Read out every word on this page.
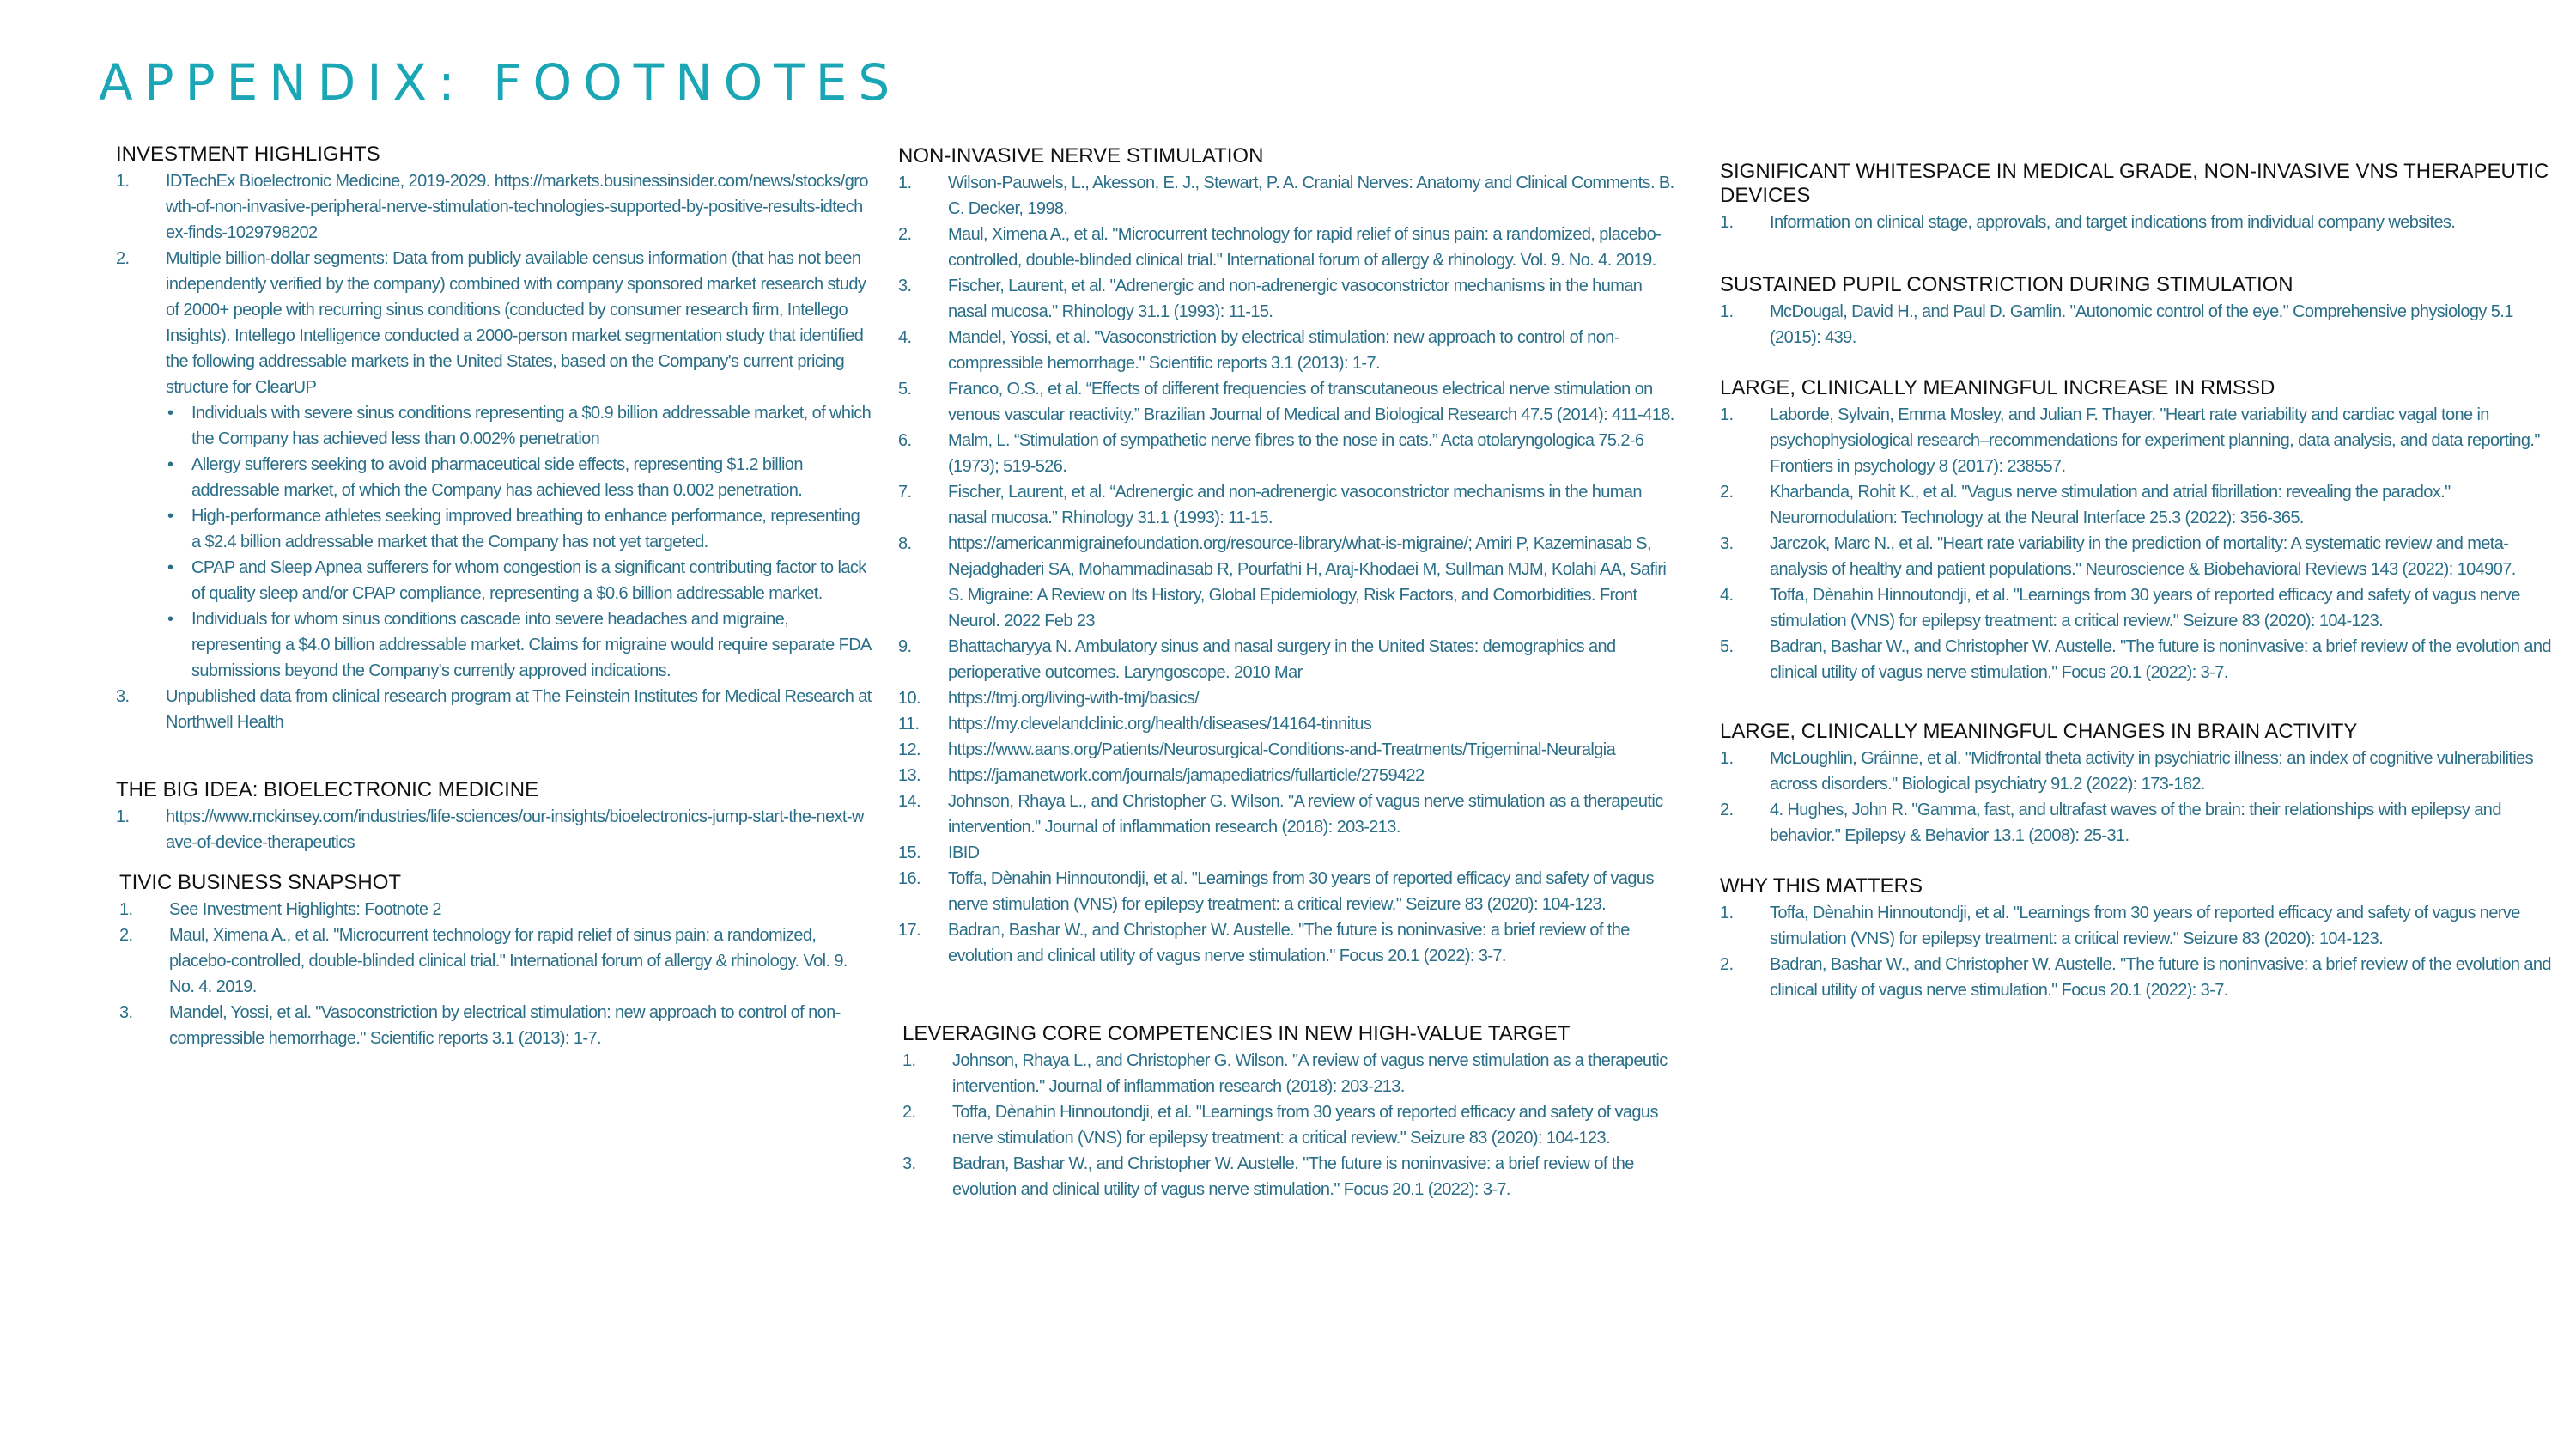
APPENDIX: FOOTNOTES
INVESTMENT HIGHLIGHTS
1. IDTechEx Bioelectronic Medicine, 2019-2029. https://markets.businessinsider.com/news/stocks/growth-of-non-invasive-peripheral-nerve-stimulation-technologies-supported-by-positive-results-idtechex-finds-1029798202
2. Multiple billion-dollar segments: Data from publicly available census information (that has not been independently verified by the company) combined with company sponsored market research study of 2000+ people with recurring sinus conditions (conducted by consumer research firm, Intellego Insights). Intellego Intelligence conducted a 2000-person market segmentation study that identified the following addressable markets in the United States, based on the Company's current pricing structure for ClearUP
• Individuals with severe sinus conditions representing a $0.9 billion addressable market, of which the Company has achieved less than 0.002% penetration
• Allergy sufferers seeking to avoid pharmaceutical side effects, representing $1.2 billion addressable market, of which the Company has achieved less than 0.002 penetration.
• High-performance athletes seeking improved breathing to enhance performance, representing a $2.4 billion addressable market that the Company has not yet targeted.
• CPAP and Sleep Apnea sufferers for whom congestion is a significant contributing factor to lack of quality sleep and/or CPAP compliance, representing a $0.6 billion addressable market.
• Individuals for whom sinus conditions cascade into severe headaches and migraine, representing a $4.0 billion addressable market. Claims for migraine would require separate FDA submissions beyond the Company's currently approved indications.
3. Unpublished data from clinical research program at The Feinstein Institutes for Medical Research at Northwell Health
THE BIG IDEA: BIOELECTRONIC MEDICINE
1. https://www.mckinsey.com/industries/life-sciences/our-insights/bioelectronics-jump-start-the-next-wave-of-device-therapeutics
TIVIC BUSINESS SNAPSHOT
1. See Investment Highlights: Footnote 2
2. Maul, Ximena A., et al. "Microcurrent technology for rapid relief of sinus pain: a randomized, placebo-controlled, double-blinded clinical trial." International forum of allergy & rhinology. Vol. 9. No. 4. 2019.
3. Mandel, Yossi, et al. "Vasoconstriction by electrical stimulation: new approach to control of non-compressible hemorrhage." Scientific reports 3.1 (2013): 1-7.
NON-INVASIVE NERVE STIMULATION
1. Wilson-Pauwels, L., Akesson, E. J., Stewart, P. A. Cranial Nerves: Anatomy and Clinical Comments. B. C. Decker, 1998.
2. Maul, Ximena A., et al. "Microcurrent technology for rapid relief of sinus pain: a randomized, placebo-controlled, double-blinded clinical trial." International forum of allergy & rhinology. Vol. 9. No. 4. 2019.
3. Fischer, Laurent, et al. "Adrenergic and non-adrenergic vasoconstrictor mechanisms in the human nasal mucosa." Rhinology 31.1 (1993): 11-15.
4. Mandel, Yossi, et al. "Vasoconstriction by electrical stimulation: new approach to control of non-compressible hemorrhage." Scientific reports 3.1 (2013): 1-7.
5. Franco, O.S., et al. “Effects of different frequencies of transcutaneous electrical nerve stimulation on venous vascular reactivity.” Brazilian Journal of Medical and Biological Research 47.5 (2014): 411-418.
6. Malm, L. “Stimulation of sympathetic nerve fibres to the nose in cats.” Acta otolaryngologica 75.2-6 (1973); 519-526.
7. Fischer, Laurent, et al. “Adrenergic and non-adrenergic vasoconstrictor mechanisms in the human nasal mucosa.” Rhinology 31.1 (1993): 11-15.
8. https://americanmigrainefoundation.org/resource-library/what-is-migraine/; Amiri P, Kazeminasab S, Nejadghaderi SA, Mohammadinasab R, Pourfathi H, Araj-Khodaei M, Sullman MJM, Kolahi AA, Safiri S. Migraine: A Review on Its History, Global Epidemiology, Risk Factors, and Comorbidities. Front Neurol. 2022 Feb 23
9. Bhattacharyya N. Ambulatory sinus and nasal surgery in the United States: demographics and perioperative outcomes. Laryngoscope. 2010 Mar
10. https://tmj.org/living-with-tmj/basics/
11. https://my.clevelandclinic.org/health/diseases/14164-tinnitus
12. https://www.aans.org/Patients/Neurosurgical-Conditions-and-Treatments/Trigeminal-Neuralgia
13. https://jamanetwork.com/journals/jamapediatrics/fullarticle/2759422
14. Johnson, Rhaya L., and Christopher G. Wilson. "A review of vagus nerve stimulation as a therapeutic intervention." Journal of inflammation research (2018): 203-213.
15. IBID
16. Toffa, Dènahin Hinnoutondji, et al. "Learnings from 30 years of reported efficacy and safety of vagus nerve stimulation (VNS) for epilepsy treatment: a critical review." Seizure 83 (2020): 104-123.
17. Badran, Bashar W., and Christopher W. Austelle. "The future is noninvasive: a brief review of the evolution and clinical utility of vagus nerve stimulation." Focus 20.1 (2022): 3-7.
LEVERAGING CORE COMPETENCIES IN NEW HIGH-VALUE TARGET
1. Johnson, Rhaya L., and Christopher G. Wilson. "A review of vagus nerve stimulation as a therapeutic intervention." Journal of inflammation research (2018): 203-213.
2. Toffa, Dènahin Hinnoutondji, et al. "Learnings from 30 years of reported efficacy and safety of vagus nerve stimulation (VNS) for epilepsy treatment: a critical review." Seizure 83 (2020): 104-123.
3. Badran, Bashar W., and Christopher W. Austelle. "The future is noninvasive: a brief review of the evolution and clinical utility of vagus nerve stimulation." Focus 20.1 (2022): 3-7.
SIGNIFICANT WHITESPACE IN MEDICAL GRADE, NON-INVASIVE VNS THERAPEUTIC DEVICES
1. Information on clinical stage, approvals, and target indications from individual company websites.
SUSTAINED PUPIL CONSTRICTION DURING STIMULATION
1. McDougal, David H., and Paul D. Gamlin. "Autonomic control of the eye." Comprehensive physiology 5.1 (2015): 439.
LARGE, CLINICALLY MEANINGFUL INCREASE IN RMSSD
1. Laborde, Sylvain, Emma Mosley, and Julian F. Thayer. "Heart rate variability and cardiac vagal tone in psychophysiological research–recommendations for experiment planning, data analysis, and data reporting." Frontiers in psychology 8 (2017): 238557.
2. Kharbanda, Rohit K., et al. "Vagus nerve stimulation and atrial fibrillation: revealing the paradox." Neuromodulation: Technology at the Neural Interface 25.3 (2022): 356-365.
3. Jarczok, Marc N., et al. "Heart rate variability in the prediction of mortality: A systematic review and meta-analysis of healthy and patient populations." Neuroscience & Biobehavioral Reviews 143 (2022): 104907.
4. Toffa, Dènahin Hinnoutondji, et al. "Learnings from 30 years of reported efficacy and safety of vagus nerve stimulation (VNS) for epilepsy treatment: a critical review." Seizure 83 (2020): 104-123.
5. Badran, Bashar W., and Christopher W. Austelle. "The future is noninvasive: a brief review of the evolution and clinical utility of vagus nerve stimulation." Focus 20.1 (2022): 3-7.
LARGE, CLINICALLY MEANINGFUL CHANGES IN BRAIN ACTIVITY
1. McLoughlin, Gráinne, et al. "Midfrontal theta activity in psychiatric illness: an index of cognitive vulnerabilities across disorders." Biological psychiatry 91.2 (2022): 173-182.
2. 4. Hughes, John R. "Gamma, fast, and ultrafast waves of the brain: their relationships with epilepsy and behavior." Epilepsy & Behavior 13.1 (2008): 25-31.
WHY THIS MATTERS
1. Toffa, Dènahin Hinnoutondji, et al. "Learnings from 30 years of reported efficacy and safety of vagus nerve stimulation (VNS) for epilepsy treatment: a critical review." Seizure 83 (2020): 104-123.
2. Badran, Bashar W., and Christopher W. Austelle. "The future is noninvasive: a brief review of the evolution and clinical utility of vagus nerve stimulation." Focus 20.1 (2022): 3-7.
